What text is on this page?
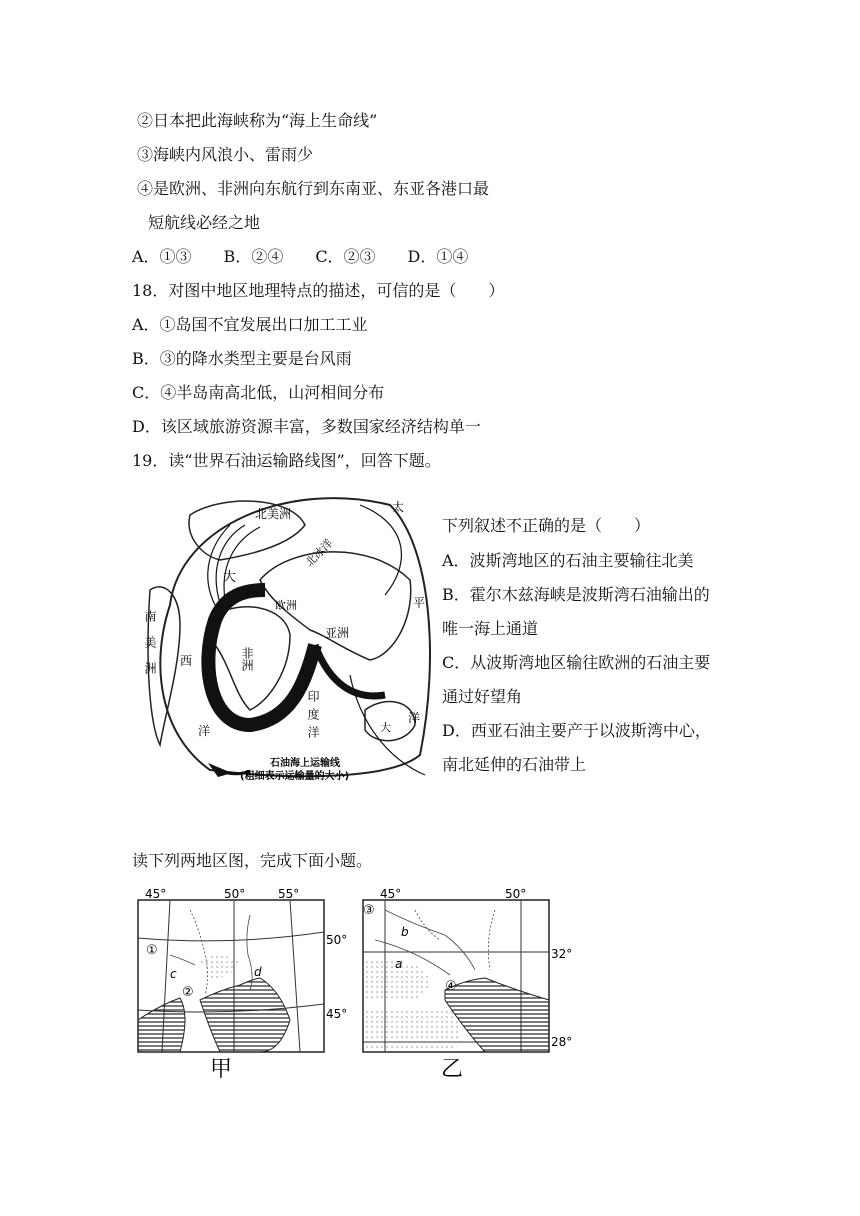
②日本把此海峡称为“海上生命线”
③海峡内风浪小、雷雨少
④是欧洲、非洲向东航行到东南亚、东亚各港口最
短航线必经之地
A．①③　　B．②④　　C．②③　　D．①④
18．对图中地区地理特点的描述，可信的是（　　）
A．①岛国不宜发展出口加工工业
B．③的降水类型主要是台风雨
C．④半岛南高北低，山河相间分布
D．该区域旅游资源丰富，多数国家经济结构单一
19．读“世界石油运输路线图”，回答下题。
北美洲	太
平
洋
北冰洋
大
欧洲
亚洲
非洲
南美洲 西
印度洋
洋	大
石油海上运输线
(粗细表示运输量的大小)
下列叙述不正确的是（　　）
A．波斯湾地区的石油主要输往北美
B．霍尔木兹海峡是波斯湾石油输出的
唯一海上通道
C．从波斯湾地区输往欧洲的石油主要
通过好望角
D．西亚石油主要产于以波斯湾中心，
南北延伸的石油带上
读下列两地区图，完成下面小题。
45°	50°	55°
50°
45°
①
②
c	d
甲
45°	50°
32°
28°
③
④
a
b
乙
